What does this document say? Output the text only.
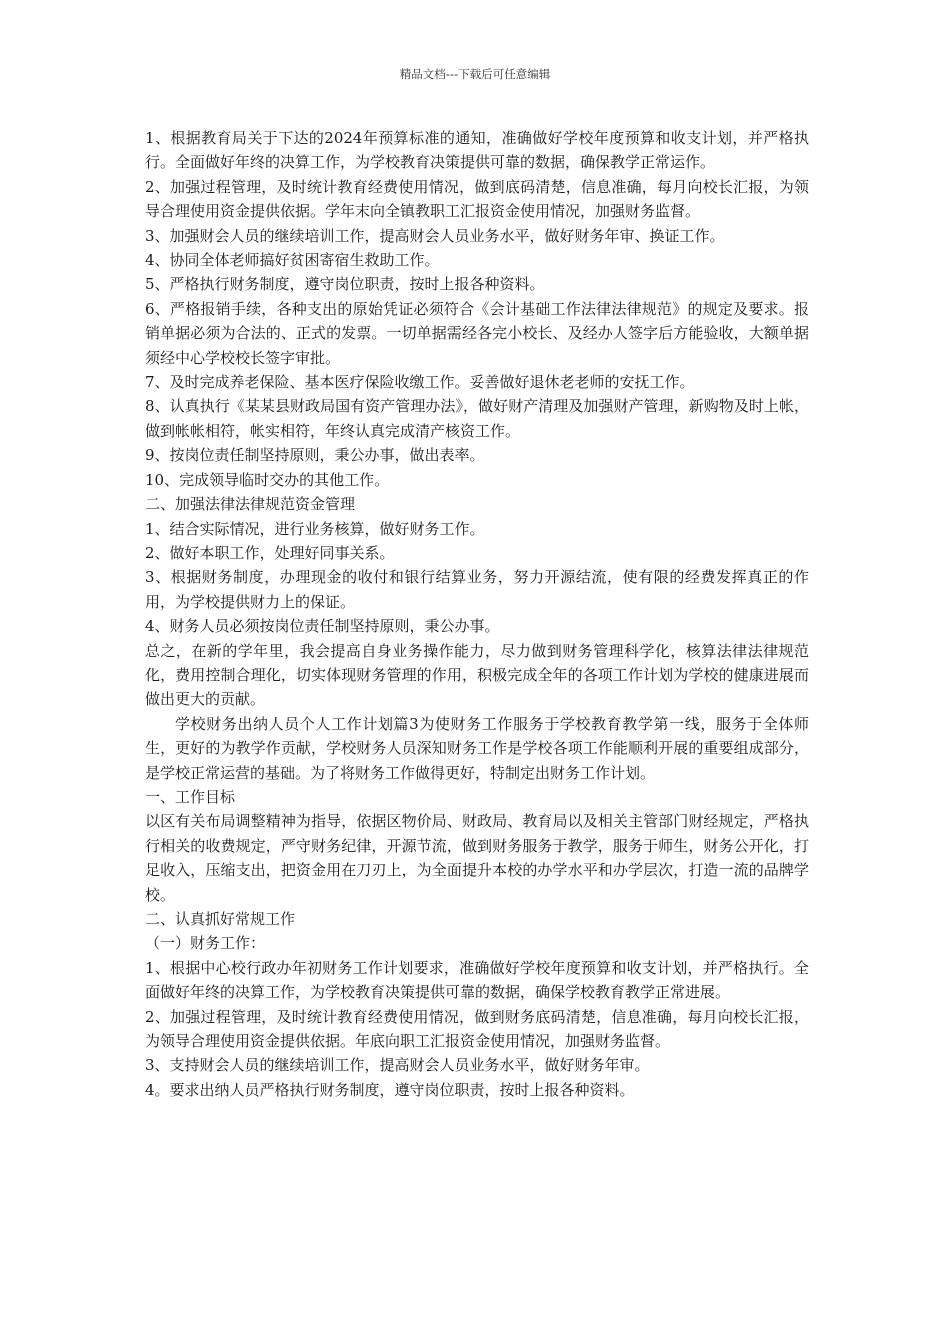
精品文档---下载后可任意编辑

1、根据教育局关于下达的2024年预算标准的通知，准确做好学校年度预算和收支计划，并严格执行。全面做好年终的决算工作，为学校教育决策提供可靠的数据，确保教学正常运作。

2、加强过程管理，及时统计教育经费使用情况，做到底码清楚，信息准确，每月向校长汇报，为领导合理使用资金提供依据。学年末向全镇教职工汇报资金使用情况，加强财务监督。

3、加强财会人员的继续培训工作，提高财会人员业务水平，做好财务年审、换证工作。

4、协同全体老师搞好贫困寄宿生救助工作。

5、严格执行财务制度，遵守岗位职责，按时上报各种资料。

6、严格报销手续，各种支出的原始凭证必须符合《会计基础工作法律法律规范》的规定及要求。报销单据必须为合法的、正式的发票。一切单据需经各完小校长、及经办人签字后方能验收，大额单据须经中心学校校长签字审批。

7、及时完成养老保险、基本医疗保险收缴工作。妥善做好退休老老师的安抚工作。

8、认真执行《某某县财政局国有资产管理办法》，做好财产清理及加强财产管理，新购物及时上帐，做到帐帐相符，帐实相符，年终认真完成清产核资工作。

9、按岗位责任制坚持原则，秉公办事，做出表率。

10、完成领导临时交办的其他工作。

二、加强法律法律规范资金管理

1、结合实际情况，进行业务核算，做好财务工作。

2、做好本职工作，处理好同事关系。

3、根据财务制度，办理现金的收付和银行结算业务，努力开源结流，使有限的经费发挥真正的作用，为学校提供财力上的保证。

4、财务人员必须按岗位责任制坚持原则，秉公办事。

总之，在新的学年里，我会提高自身业务操作能力，尽力做到财务管理科学化，核算法律法律规范化，费用控制合理化，切实体现财务管理的作用，积极完成全年的各项工作计划为学校的健康进展而做出更大的贡献。

学校财务出纳人员个人工作计划篇3为使财务工作服务于学校教育教学第一线，服务于全体师生，更好的为教学作贡献，学校财务人员深知财务工作是学校各项工作能顺利开展的重要组成部分，是学校正常运营的基础。为了将财务工作做得更好，特制定出财务工作计划。

一、工作目标

以区有关布局调整精神为指导，依据区物价局、财政局、教育局以及相关主管部门财经规定，严格执行相关的收费规定，严守财务纪律，开源节流，做到财务服务于教学，服务于师生，财务公开化，打足收入，压缩支出，把资金用在刀刃上，为全面提升本校的办学水平和办学层次，打造一流的品牌学校。

二、认真抓好常规工作

（一）财务工作：

1、根据中心校行政办年初财务工作计划要求，准确做好学校年度预算和收支计划，并严格执行。全面做好年终的决算工作，为学校教育决策提供可靠的数据，确保学校教育教学正常进展。

2、加强过程管理，及时统计教育经费使用情况，做到财务底码清楚，信息准确，每月向校长汇报，为领导合理使用资金提供依据。年底向职工汇报资金使用情况，加强财务监督。

3、支持财会人员的继续培训工作，提高财会人员业务水平，做好财务年审。

4。要求出纳人员严格执行财务制度，遵守岗位职责，按时上报各种资料。
